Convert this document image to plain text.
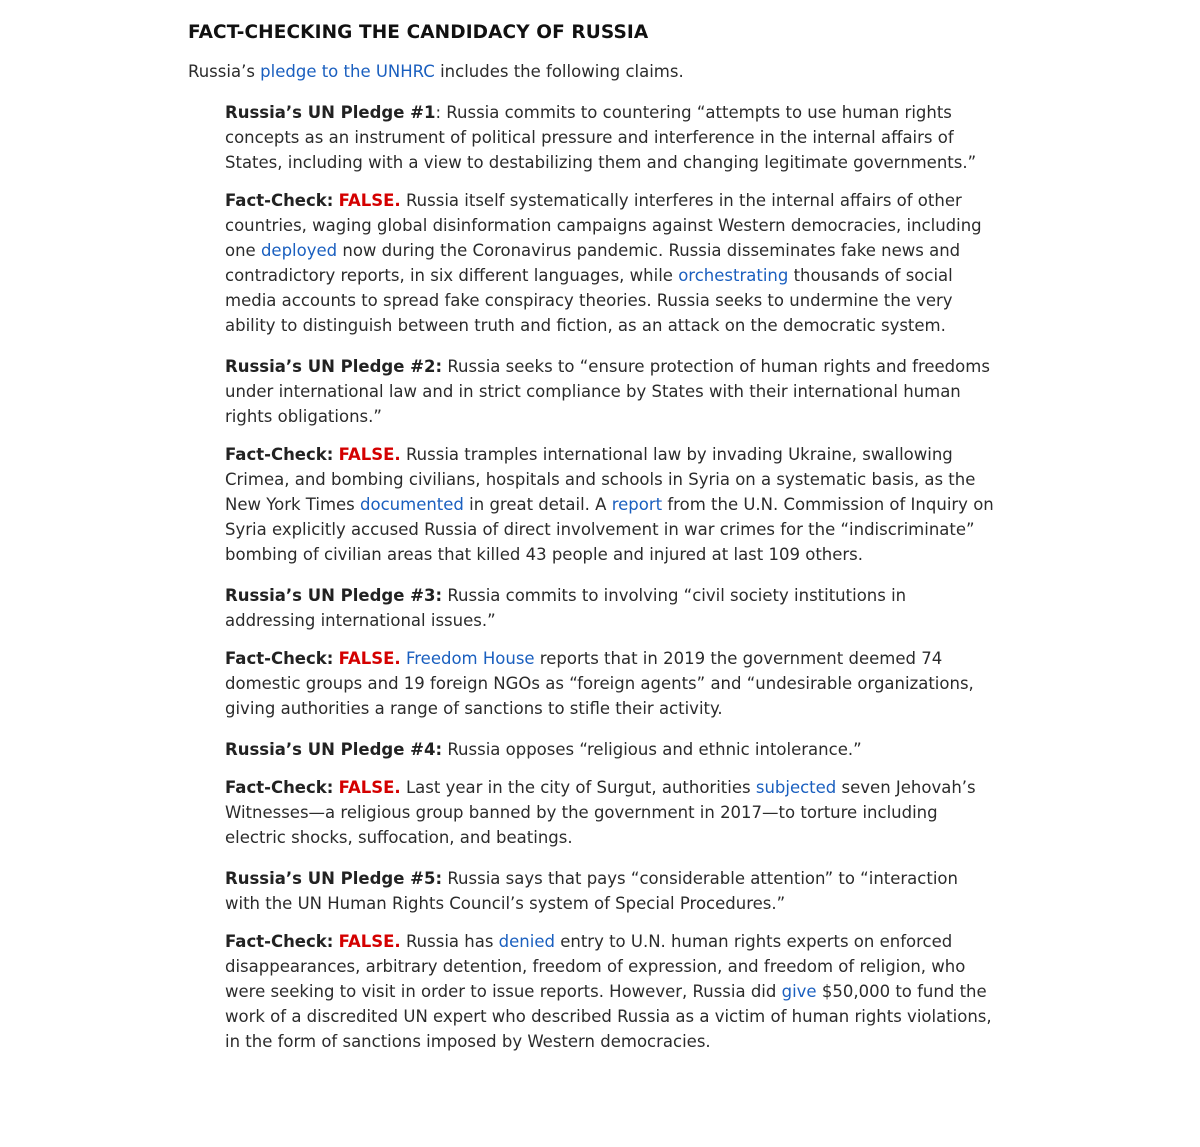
FACT-CHECKING THE CANDIDACY OF RUSSIA

Russia’s pledge to the UNHRC includes the following claims.

Russia’s UN Pledge #1: Russia commits to countering “attempts to use human rights concepts as an instrument of political pressure and interference in the internal affairs of States, including with a view to destabilizing them and changing legitimate governments.”

Fact-Check: FALSE. Russia itself systematically interferes in the internal affairs of other countries, waging global disinformation campaigns against Western democracies, including one deployed now during the Coronavirus pandemic. Russia disseminates fake news and contradictory reports, in six different languages, while orchestrating thousands of social media accounts to spread fake conspiracy theories. Russia seeks to undermine the very ability to distinguish between truth and fiction, as an attack on the democratic system.

Russia’s UN Pledge #2: Russia seeks to “ensure protection of human rights and freedoms under international law and in strict compliance by States with their international human rights obligations.”

Fact-Check: FALSE. Russia tramples international law by invading Ukraine, swallowing Crimea, and bombing civilians, hospitals and schools in Syria on a systematic basis, as the New York Times documented in great detail. A report from the U.N. Commission of Inquiry on Syria explicitly accused Russia of direct involvement in war crimes for the “indiscriminate” bombing of civilian areas that killed 43 people and injured at last 109 others.

Russia’s UN Pledge #3: Russia commits to involving “civil society institutions in addressing international issues.”

Fact-Check: FALSE. Freedom House reports that in 2019 the government deemed 74 domestic groups and 19 foreign NGOs as “foreign agents” and “undesirable organizations, giving authorities a range of sanctions to stifle their activity.

Russia’s UN Pledge #4: Russia opposes “religious and ethnic intolerance.”

Fact-Check: FALSE. Last year in the city of Surgut, authorities subjected seven Jehovah’s Witnesses—a religious group banned by the government in 2017—to torture including electric shocks, suffocation, and beatings.

Russia’s UN Pledge #5: Russia says that pays “considerable attention” to “interaction with the UN Human Rights Council’s system of Special Procedures.”

Fact-Check: FALSE. Russia has denied entry to U.N. human rights experts on enforced disappearances, arbitrary detention, freedom of expression, and freedom of religion, who were seeking to visit in order to issue reports. However, Russia did give $50,000 to fund the work of a discredited UN expert who described Russia as a victim of human rights violations, in the form of sanctions imposed by Western democracies.
